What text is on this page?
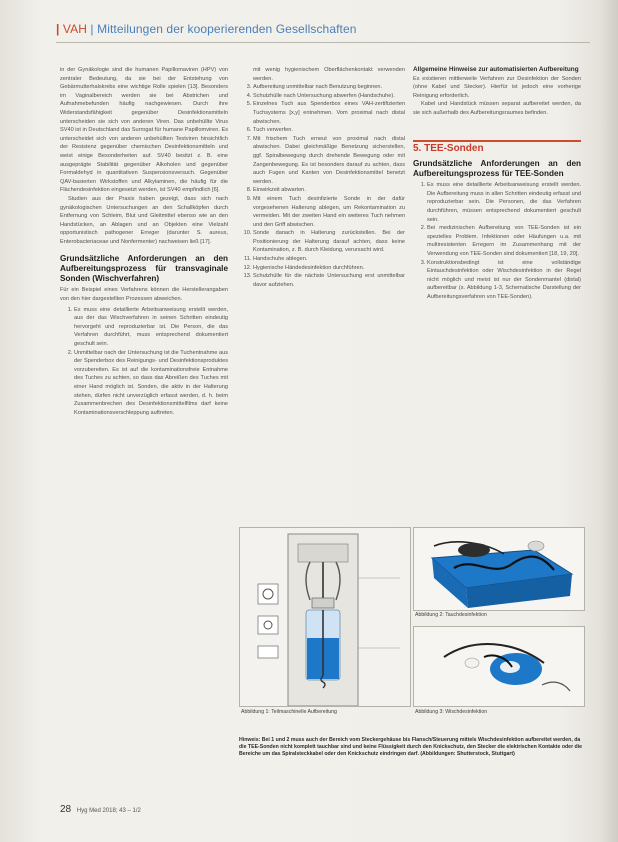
| VAH | Mitteilungen der kooperierenden Gesellschaften

in der Gynäkologie sind die humanen Papillomaviren (HPV) von zentraler Bedeutung, da sie bei der Entstehung von Gebärmutterhalskrebs eine wichtige Rolle spielen [13]. Besonders im Vaginalbereich werden sie bei Abstrichen und Aufnahmebefunden häufig nachgewiesen. Durch ihre Widerstandsfähigkeit gegenüber Desinfektionsmitteln unterscheiden sie sich von anderen Viren. Das unbehüllte Virus SV40 ist in Deutschland das Surrogat für humane Papillomviren. Es unterscheidet sich von anderen unbehüllten Testviren hinsichtlich der Resistenz gegenüber chemischen Desinfektionsmitteln und weist einige Besonderheiten auf. SV40 besitzt z. B. eine ausgeprägte Stabilität gegenüber Alkoholen und gegenüber Formaldehyd in quantitativen Suspensionsversuch. Gegenüber QAV-basierten Wirkstoffen und Alkylaminen, die häufig für die Flächendesinfektion eingesetzt werden, ist SV40 empfindlich [6].

Studien aus der Praxis haben gezeigt, dass sich nach gynäkologischen Untersuchungen an den Schallköpfen durch Entfernung von Schleim, Blut und Gleitmittel ebenso wie an den Handstücken, an Ablagen und an Objekten eine Vielzahl opportunistisch pathogener Erreger (darunter S. aureus, Enterobacteriaceae und Nonfermenter) nachweisen ließ [17].

Grundsätzliche Anforderungen an den Aufbereitungsprozess für transvaginale Sonden (Wischverfahren)

Für ein Beispiel eines Verfahrens können die Herstellerangaben von den hier dargestellten Prozessen abweichen.

1. Es muss eine detaillierte Arbeitsanweisung erstellt werden, aus der das Wischverfahren in seinen Schritten eindeutig hervorgeht und reproduzierbar ist. Die Person, die das Verfahren durchführt, muss entsprechend dokumentiert geschult sein.
2. Unmittelbar nach der Untersuchung ist die Tuchentnahme aus der Spenderbox des Reinigungs- und Desinfektionsproduktes vorzubereiten. Es ist auf die kontaminationsfreie Entnahme des Tuches zu achten, so dass das Abreißen des Tuches mit einer Hand möglich ist. Sonden, die aktiv in der Halterung stehen, dürfen nicht unverzüglich erfasst werden, d. h. beim Zusammenbrechen des Desinfektionsmittelfilms darf keine Kontaminationsverschleppung auftreten.

mit wenig hygienischem Oberflächenkontakt verwenden werden.

3. Aufbereitung unmittelbar nach Benutzung beginnen.
4. Schutzhülle nach Untersuchung abwerfen (Handschuhe).
5. Einzelnes Tuch aus Spenderbox eines VAH-zertifizierten Tuchsystems [x,y] entnehmen. Vom proximal nach distal abwischen.
6. Tuch verwerfen.
7. Mit frischem Tuch erneut von proximal nach distal abwischen. Dabei gleichmäßige Benetzung sicherstellen, ggf. Spiralbewegung durch drehende Bewegung oder mit Zangenbewegung. Es ist besonders darauf zu achten, dass auch Fugen und Kanten von Desinfektionsmittel benetzt werden.
8. Einwirkzeit abwarten.
9. Mit einem Tuch desinfizierte Sonde in der dafür vorgesehenen Halterung ablegen, um Rekontamination zu vermeiden. Mit der zweiten Hand ein weiteres Tuch nehmen und den Griff abwischen.
10. Sonde danach in Halterung zurückstellen. Bei der Positionierung der Halterung darauf achten, dass keine Kontamination, z. B. durch Kleidung, verursacht wird.
11. Handschuhe ablegen.
12. Hygienische Händedesinfektion durchführen.
13. Schutzhülle für die nächste Untersuchung erst unmittelbar davor aufziehen.

Allgemeine Hinweise zur automatisierten Aufbereitung

Es existieren mittlerweile Verfahren zur Desinfektion der Sonden (ohne Kabel und Stecker). Hierfür ist jedoch eine vorherige Reinigung erforderlich.

Kabel und Handstück müssen separat aufbereitet werden, da sie sich außerhalb des Aufbereitungsraumes befinden.

5. TEE-Sonden

Grundsätzliche Anforderungen an den Aufbereitungsprozess für TEE-Sonden

1. Es muss eine detaillierte Arbeitsanweisung erstellt werden. Die Aufbereitung muss in allen Schritten eindeutig erfasst und reproduzierbar sein. Die Personen, die das Verfahren durchführen, müssen entsprechend dokumentiert geschult sein.
2. Bei medizinischen Aufbereitung von TEE-Sonden ist ein spezielles Problem. Infektionen oder Häufungen u.a. mit multiresistenten Erregern im Zusammenhang mit der Verwendung von TEE-Sonden sind dokumentiert [18, 19, 20].
3. Konstruktionsbedingt ist eine vollständige Eintauchdesinfektion oder Wischdesinfektion in der Regel nicht möglich und meist ist nur der Sondenmantel (distal) aufbereitbar (s. Abbildung 1-3, Schematische Darstellung der Aufbereitungsverfahren von TEE-Sonden).
Abbildung 1: Teilmaschinelle Aufbereitung
Abbildung 2: Tauchdesinfektion
Abbildung 3: Wischdesinfektion
Hinweis: Bei 1 und 2 muss auch der Bereich vom Steckergehäuse bis Flansch/Steuerung mittels Wischdesinfektion aufbereitet werden, da die TEE-Sonden nicht komplett tauchbar sind und keine Flüssigkeit durch den Knickschutz, den Stecker die elektrischen Kontakte oder die Bereiche um das Spiralsteckkabel oder den Knickschutz eindringen darf. (Abbildungen: Shutterstock, Stuttgart)
28 Hyg Med 2018; 43 – 1/2
